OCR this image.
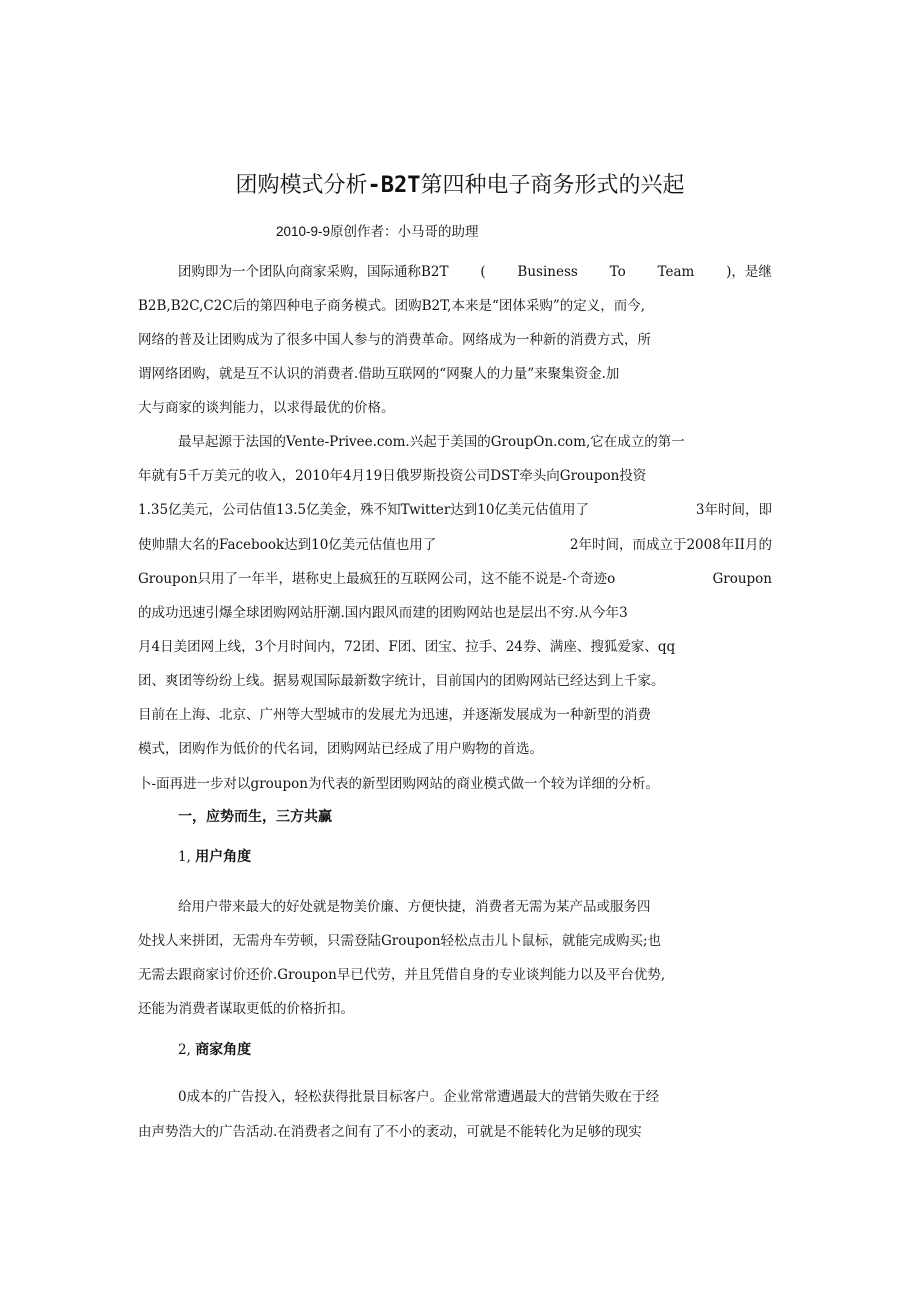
团购模式分析-B2T第四种电子商务形式的兴起
2010-9-9原创作者：小马哥的助理
团购即为一个团队向商家采购，国际通称B2T ( Business To Team )，是继
B2B,B2C,C2C后的第四种电子商务模式。团购B2T,本来是“团体采购”的定义，而今,
网络的普及让团购成为了很多中国人参与的消费革命。网络成为一种新的消费方式，所
谓网络团购，就是互不认识的消费者.借助互联网的“网聚人的力量”来聚集资金.加
大与商家的谈判能力，以求得最优的价格。
最早起源于法国的Vente-Privee.com.兴起于美国的GroupOn.com,它在成立的第一
年就有5千万美元的收入，2010年4月19日俄罗斯投资公司DST牵头向Groupon投资
1.35亿美元，公司估值13.5亿美金，殊不知Twitter达到10亿美元估值用了	3年时间，即
使帅鼎大名的Facebook达到10亿美元估值也用了	2年时间，而成立于2008年II月的
Groupon只用了一年半，堪称史上最疯狂的互联网公司，这不能不说是-个奇迹o	Groupon
的成功迅速引爆全球团购网站肝潮.国内跟风而建的团购网站也是层出不穷.从今年3
月4日美团网上线，3个月时间内，72团、F团、团宝、拉手、24券、满座、搜狐爱家、qq
团、爽团等纷纷上线。据易观国际最新数字统计，目前国内的团购网站已经达到上千家。
目前在上海、北京、广州等大型城市的发展尤为迅速，并逐渐发展成为一种新型的消费
模式，团购作为低价的代名词，团购网站已经成了用户购物的首选。
卜-面再进一步对以groupon为代表的新型团购网站的商业模式做一个较为详细的分析。
一，应势而生，三方共赢
1, 用户角度
给用户带来最大的好处就是物美价廉、方便快捷，消费者无需为某产品或服务四
处找人来拼团，无需舟车劳顿，只需登陆Groupon轻松点击儿卜鼠标，就能完成购买;也
无需去跟商家讨价还价.Groupon早已代劳，并且凭借自身的专业谈判能力以及平台优势,
还能为消费者谋取更低的价格折扣。
2, 商家角度
0成本的广告投入，轻松获得批景目标客户。企业常常遭遇最大的营销失败在于经
由声势浩大的广告活动.在消费者之间有了不小的袤动，可就是不能转化为足够的现实
